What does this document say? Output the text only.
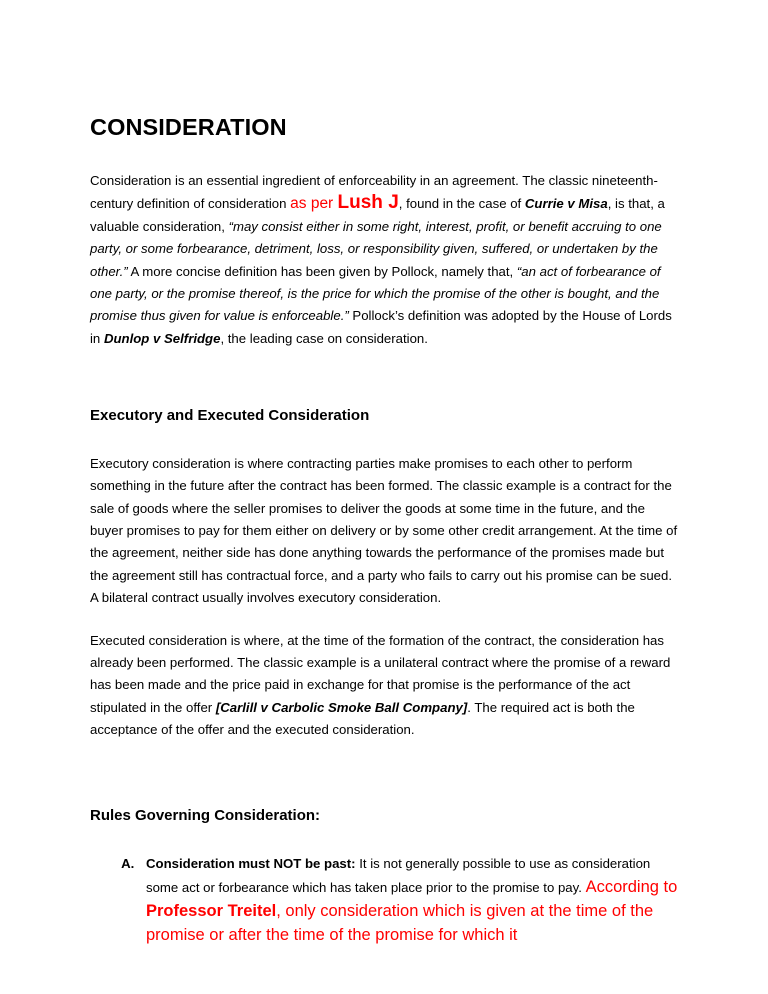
CONSIDERATION

Consideration is an essential ingredient of enforceability in an agreement. The classic nineteenth-century definition of consideration as per Lush J, found in the case of Currie v Misa, is that, a valuable consideration, “may consist either in some right, interest, profit, or benefit accruing to one party, or some forbearance, detriment, loss, or responsibility given, suffered, or undertaken by the other.” A more concise definition has been given by Pollock, namely that, “an act of forbearance of one party, or the promise thereof, is the price for which the promise of the other is bought, and the promise thus given for value is enforceable.” Pollock’s definition was adopted by the House of Lords in Dunlop v Selfridge, the leading case on consideration.

Executory and Executed Consideration

Executory consideration is where contracting parties make promises to each other to perform something in the future after the contract has been formed. The classic example is a contract for the sale of goods where the seller promises to deliver the goods at some time in the future, and the buyer promises to pay for them either on delivery or by some other credit arrangement. At the time of the agreement, neither side has done anything towards the performance of the promises made but the agreement still has contractual force, and a party who fails to carry out his promise can be sued. A bilateral contract usually involves executory consideration.

Executed consideration is where, at the time of the formation of the contract, the consideration has already been performed. The classic example is a unilateral contract where the promise of a reward has been made and the price paid in exchange for that promise is the performance of the act stipulated in the offer [Carlill v Carbolic Smoke Ball Company]. The required act is both the acceptance of the offer and the executed consideration.

Rules Governing Consideration:
A. Consideration must NOT be past: It is not generally possible to use as consideration some act or forbearance which has taken place prior to the promise to pay. According to Professor Treitel, only consideration which is given at the time of the promise or after the time of the promise for which it
